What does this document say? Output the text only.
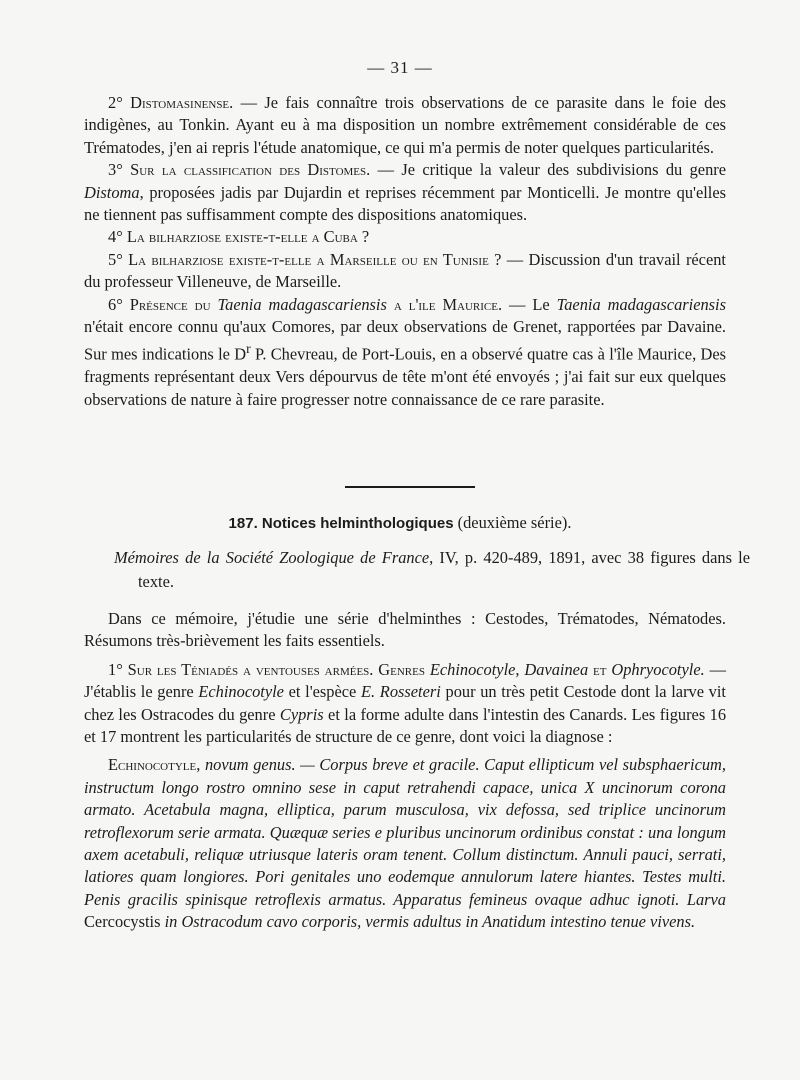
— 31 —

2° Distomasinense. — Je fais connaître trois observations de ce parasite dans le foie des indigènes, au Tonkin. Ayant eu à ma disposition un nombre extrêmement considérable de ces Trématodes, j'en ai repris l'étude anatomique, ce qui m'a permis de noter quelques particularités.

3° Sur la classification des Distomes. — Je critique la valeur des subdivisions du genre Distoma, proposées jadis par Dujardin et reprises récemment par Monticelli. Je montre qu'elles ne tiennent pas suffisamment compte des dispositions anatomiques.

4° La bilharziose existe-t-elle a Cuba ?

5° La bilharziose existe-t-elle a Marseille ou en Tunisie ? — Discussion d'un travail récent du professeur Villeneuve, de Marseille.

6° Présence du Taenia madagascariensis a l'ile Maurice. — Le Taenia madagascariensis n'était encore connu qu'aux Comores, par deux observations de Grenet, rapportées par Davaine. Sur mes indications le $D^r$ P. Chevreau, de Port-Louis, en a observé quatre cas à l'île Maurice, Des fragments représentant deux Vers dépourvus de tête m'ont été envoyés ; j'ai fait sur eux quelques observations de nature à faire progresser notre connaissance de ce rare parasite.

187. Notices helminthologiques (deuxième série).
Mémoires de la Société Zoologique de France, IV, p. 420-489, 1891, avec 38 figures dans le texte.

Dans ce mémoire, j'étudie une série d'helminthes : Cestodes, Trématodes, Nématodes. Résumons très-brièvement les faits essentiels.

1° Sur les Téniadés a ventouses armées. Genres Echinocotyle, Davainea et Ophryocotyle. — J'établis le genre Echinocotyle et l'espèce E. Rosseteri pour un très petit Cestode dont la larve vit chez les Ostracodes du genre Cypris et la forme adulte dans l'intestin des Canards. Les figures 16 et 17 montrent les particularités de structure de ce genre, dont voici la diagnose :

Echinocotyle, novum genus. — Corpus breve et gracile. Caput ellipticum vel subsphaericum, instructum longo rostro omnino sese in caput retrahendi capace, unica X uncinorum corona armato. Acetabula magna, elliptica, parum musculosa, vix defossa, sed triplice uncinorum retroflexorum serie armata. Quæquæ series e pluribus uncinorum ordinibus constat : una longum axem acetabuli, reliquæ utriusque lateris oram tenent. Collum distinctum. Annuli pauci, serrati, latiores quam longiores. Pori genitales uno eodemque annulorum latere hiantes. Testes multi. Penis gracilis spinisque retroflexis armatus. Apparatus femineus ovaque adhuc ignoti. Larva Cercocystis in Ostracodum cavo corporis, vermis adultus in Anatidum intestino tenue vivens.
